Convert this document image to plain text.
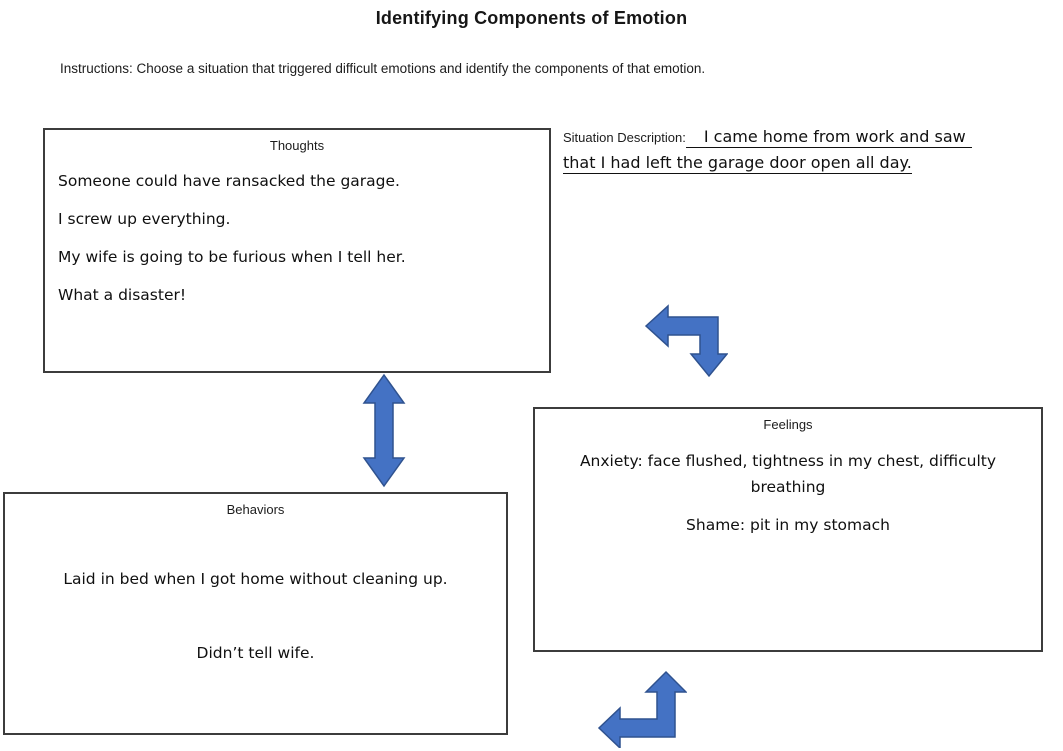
Identifying Components of Emotion
Instructions: Choose a situation that triggered difficult emotions and identify the components of that emotion.
Situation Description: I came home from work and saw
that I had left the garage door open all day.
Thoughts
Someone could have ransacked the garage.
I screw up everything.
My wife is going to be furious when I tell her.
What a disaster!
Behaviors
Laid in bed when I got home without cleaning up.
Didn’t tell wife.
Feelings
Anxiety: face flushed, tightness in my chest, difficulty breathing
Shame: pit in my stomach
